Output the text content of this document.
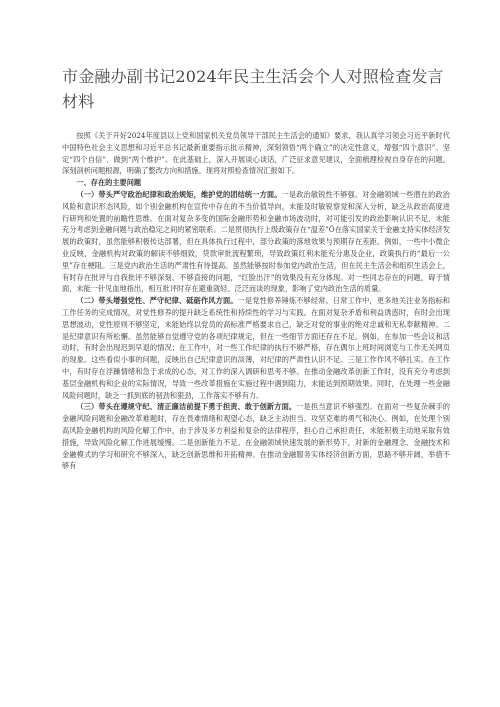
市金融办副书记2024年民主生活会个人对照检查发言材料

按照《关于开好2024年度县以上党和国家机关党员领导干部民主生活会的通知》要求，我认真学习领会习近平新时代中国特色社会主义思想和习近平总书记最新重要指示批示精神，深刻领悟“两个确立”的决定性意义，增强“四个意识”、坚定“四个自信”、做到“两个维护”。在此基础上，深入开展谈心谈话，广泛征求意见建议，全面梳理检视自身存在的问题，深刻剖析问题根源，明确了整改方向和措施。现将对照检查情况汇报如下。

一、存在的主要问题

（一）带头严守政治纪律和政治规矩，维护党的团结统一方面。一是政治敏锐性不够强。对金融领域一些潜在的政治风险和意识形态风险，如个别金融机构在宣传中存在的不当价值导向，未能及时敏锐察觉和深入分析，缺乏从政治高度进行研判和处置的前瞻性思维。在面对复杂多变的国际金融形势和金融市场波动时，对可能引发的政治影响认识不足，未能充分考虑到金融问题与政治稳定之间的紧密联系。二是贯彻执行上级政策存在“温差”Ö在落实国家关于金融支持实体经济发展的政策时，虽然能够积极传达部署，但在具体执行过程中，部分政策的落地效果与预期存在差距。例如，一些中小微企业反映，金融机构对政策的解读不够细致，贷款审批流程繁琐，导致政策红利未能充分惠及企业，政策执行的“最后一公里”存在梗阻。三是党内政治生活的严肃性有待提高。虽然能够按时参加党内政治生活，但在民主生活会和组织生活会上，有时存在批评与自我批评不够深刻、不够直接的问题，“红脸出汗”的效果没有充分体现。对一些同志存在的问题，碍于情面，未能一针见血地指出，相互批评时存在避重就轻、泛泛而谈的现象，影响了党内政治生活的质量。

（二）带头增强党性、严守纪律、砥砺作风方面。一是党性修养锤炼不够经常。日常工作中，更多地关注业务指标和工作任务的完成情况，对党性修养的提升缺乏系统性和持续性的学习与实践。在面对复杂矛盾和利益诱惑时，有时会出现思想波动，党性原则不够坚定，未能始终以党员的高标准严格要求自己，缺乏对党的事业的绝对忠诚和无私奉献精神。二是纪律意识有所松懈。虽然能够自觉遵守党的各项纪律规定，但在一些细节方面还存在不足。例如，在参加一些会议和活动时，有时会出现迟到早退的情况；在工作中，对一些工作纪律的执行不够严格，存在偶尔上班时间浏览与工作无关网页的现象。这些看似小事的问题，反映出自己纪律意识的淡薄，对纪律的严肃性认识不足。三是工作作风不够扎实。在工作中，有时存在浮躁情绪和急于求成的心态，对工作的深入调研和思考不够。在推动金融改革创新工作时，没有充分考虑到基层金融机构和企业的实际情况，导致一些改革措施在实施过程中遇到阻力，未能达到预期效果。同时，在处理一些金融风险问题时，缺乏一抓到底的韧劲和狠劲，工作落实不够有力。

（三）带头在遵规守纪、清正廉洁前提下勇于担责、敢于创新方面。一是担当意识不够强烈。在面对一些复杂棘手的金融风险问题和金融改革难题时，存在畏难情绪和观望心态，缺乏主动担当、攻坚克难的勇气和决心。例如，在处理个别高风险金融机构的风险化解工作中，由于涉及多方利益和复杂的法律程序，担心自己承担责任，未能积极主动地采取有效措施，导致风险化解工作进展缓慢。二是创新能力不足。在金融领域快速发展的新形势下，对新的金融理念、金融技术和金融模式的学习和研究不够深入，缺乏创新思维和开拓精神。在推动金融服务实体经济创新方面，思路不够开阔，举措不够有
